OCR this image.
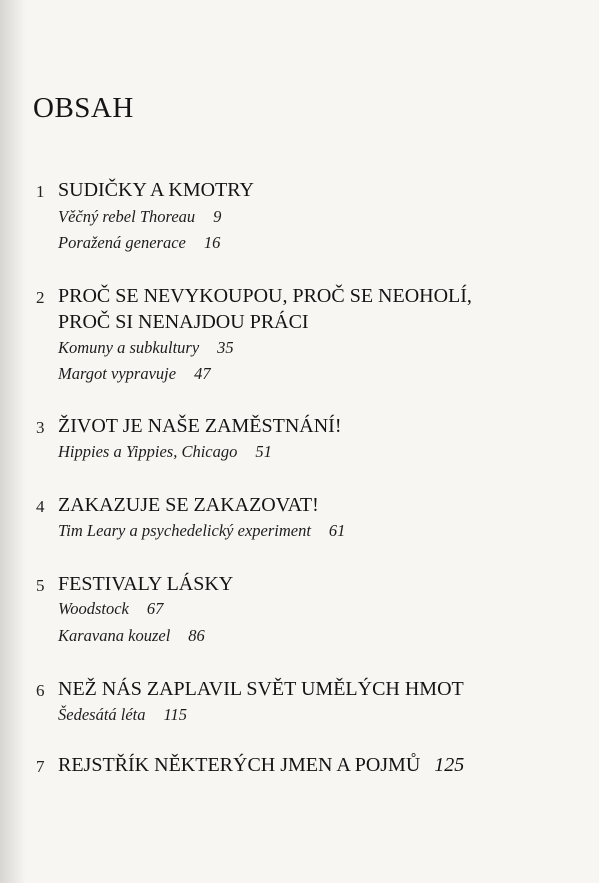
OBSAH
1 SUDIČKY A KMOTRY
Věčný rebel Thoreau 9
Poražená generace 16
2 PROČ SE NEVYKOUPOU, PROČ SE NEOHOLÍ,
PROČ SI NENAJDOU PRÁCI
Komuny a subkultury 35
Margot vypravuje 47
3 ŽIVOT JE NAŠE ZAMĚSTNÁNÍ!
Hippies a Yippies, Chicago 51
4 ZAKAZUJE SE ZAKAZOVAT!
Tim Leary a psychedelický experiment 61
5 FESTIVALY LÁSKY
Woodstock 67
Karavana kouzel 86
6 NEŽ NÁS ZAPLAVIL SVĚT UMĚLÝCH HMOT
Šedesátá léta 115
7 REJSTŘÍK NĚKTERÝCH JMEN A POJMŮ 125
